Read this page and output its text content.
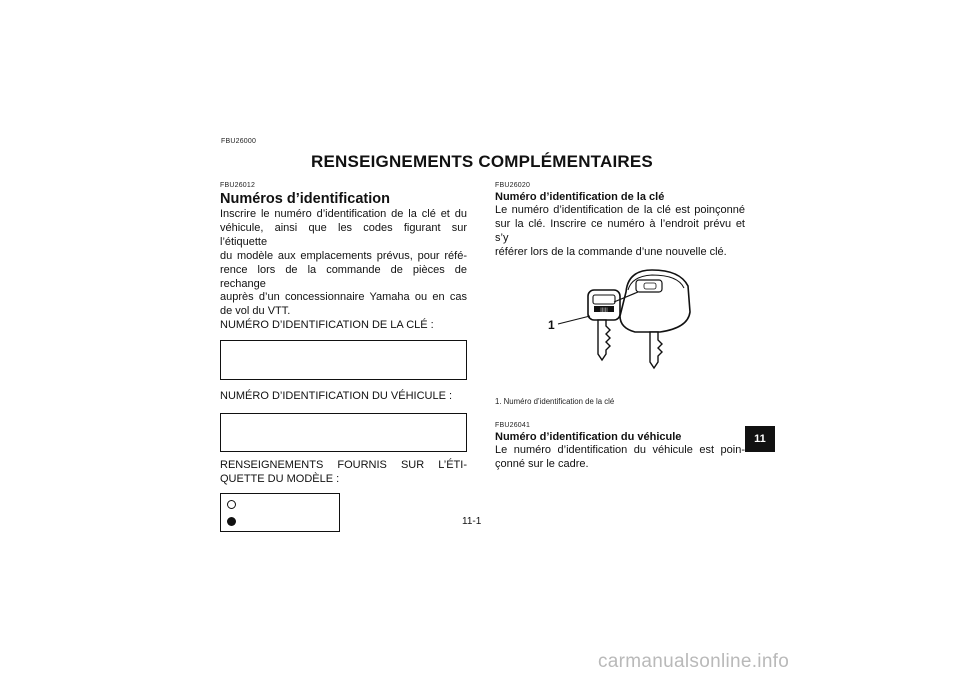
FBU26000
RENSEIGNEMENTS COMPLÉMENTAIRES
FBU26012
Numéros d’identification
Inscrire le numéro d’identification de la clé et du
véhicule, ainsi que les codes figurant sur l’étiquette
du modèle aux emplacements prévus, pour réfé-
rence lors de la commande de pièces de rechange
auprès d’un concessionnaire Yamaha ou en cas
de vol du VTT.
NUMÉRO D’IDENTIFICATION DE LA CLÉ :
NUMÉRO D’IDENTIFICATION DU VÉHICULE :
RENSEIGNEMENTS FOURNIS SUR L’ÉTI-
QUETTE DU MODÈLE :
FBU26020
Numéro d’identification de la clé
Le numéro d’identification de la clé est poinçonné
sur la clé. Inscrire ce numéro à l’endroit prévu et s’y
référer lors de la commande d’une nouvelle clé.
|||||
1
1. Numéro d’identification de la clé
FBU26041
Numéro d’identification du véhicule
Le numéro d’identification du véhicule est poin-
çonné sur le cadre.
11
11-1
carmanualsonline.info
